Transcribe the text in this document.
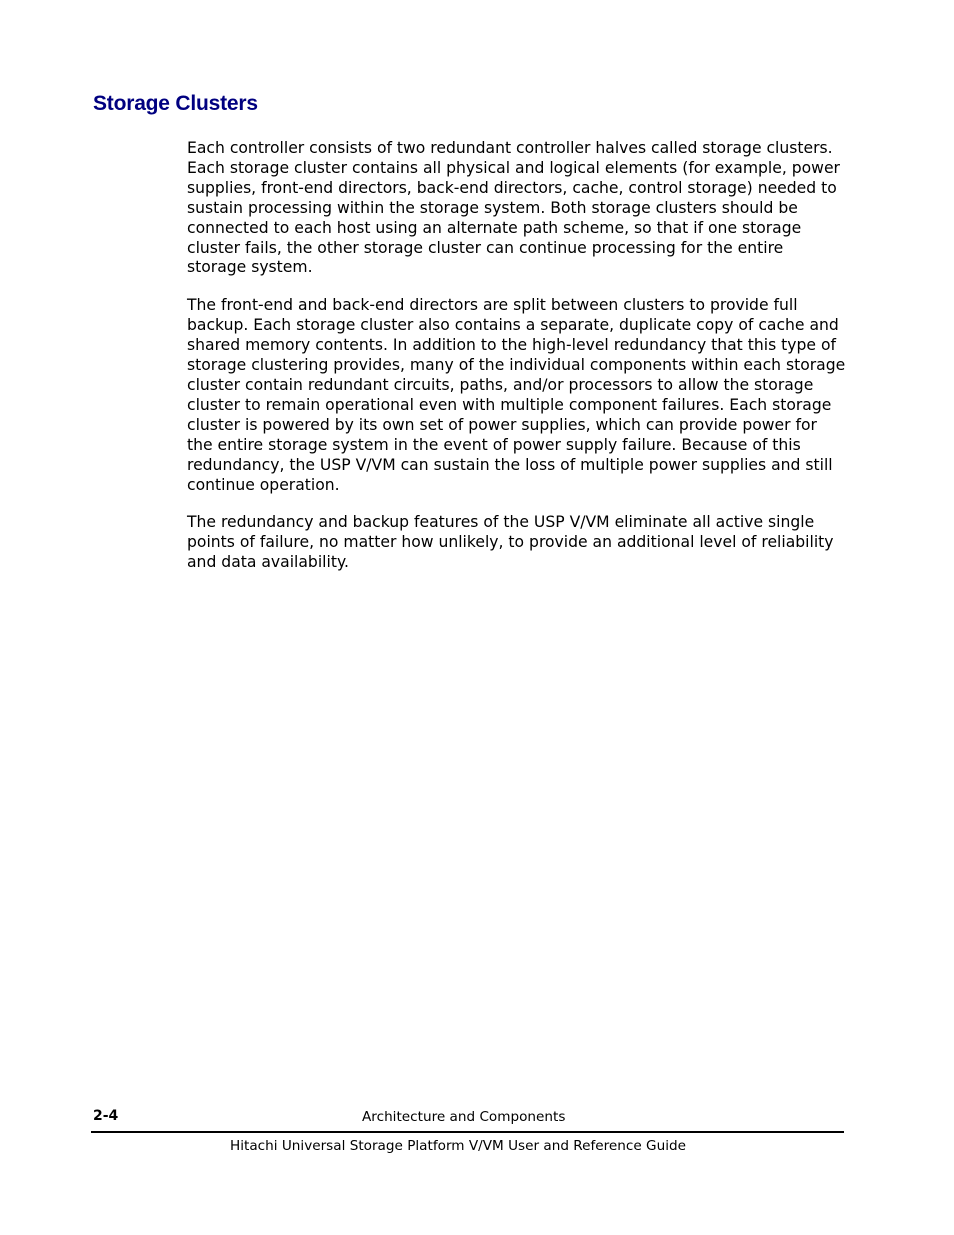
Storage Clusters

Each controller consists of two redundant controller halves called storage clusters. Each storage cluster contains all physical and logical elements (for example, power supplies, front-end directors, back-end directors, cache, control storage) needed to sustain processing within the storage system. Both storage clusters should be connected to each host using an alternate path scheme, so that if one storage cluster fails, the other storage cluster can continue processing for the entire storage system.

The front-end and back-end directors are split between clusters to provide full backup. Each storage cluster also contains a separate, duplicate copy of cache and shared memory contents. In addition to the high-level redundancy that this type of storage clustering provides, many of the individual components within each storage cluster contain redundant circuits, paths, and/or processors to allow the storage cluster to remain operational even with multiple component failures. Each storage cluster is powered by its own set of power supplies, which can provide power for the entire storage system in the event of power supply failure. Because of this redundancy, the USP V/VM can sustain the loss of multiple power supplies and still continue operation.

The redundancy and backup features of the USP V/VM eliminate all active single points of failure, no matter how unlikely, to provide an additional level of reliability and data availability.

2-4	Architecture and Components
Hitachi Universal Storage Platform V/VM User and Reference Guide
